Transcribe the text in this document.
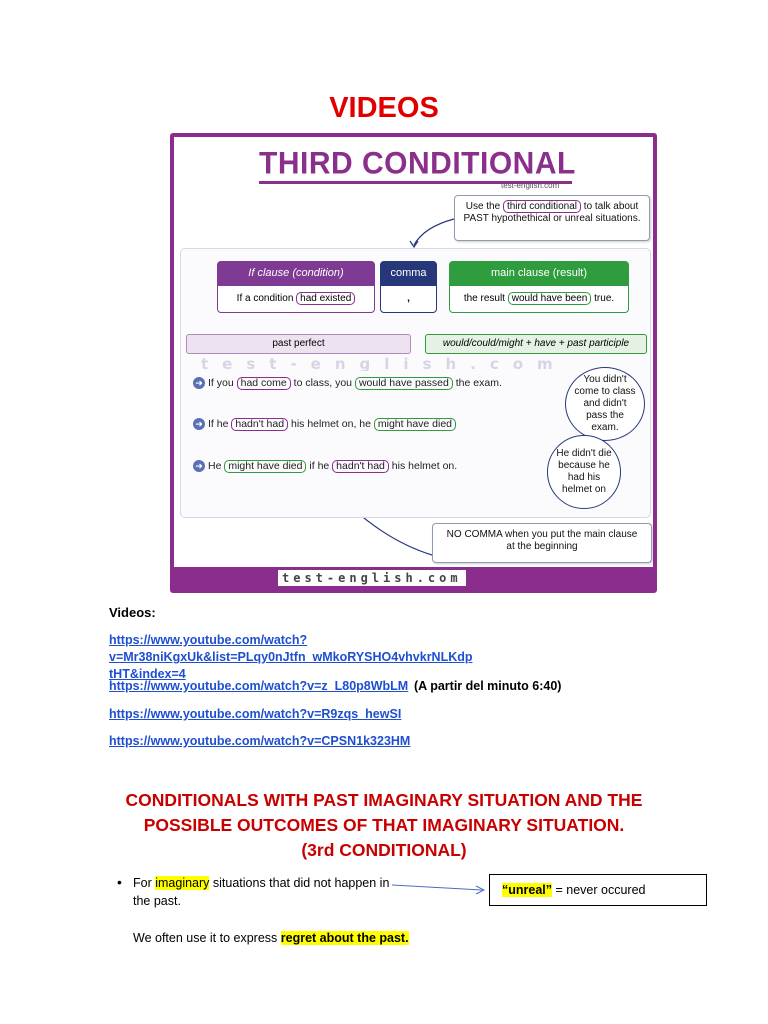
VIDEOS
THIRD CONDITIONAL
test-english.com
Use the third conditional to talk about PAST hypothethical or unreal situations.
If clause (condition)
If a condition had existed
comma
,
main clause (result)
the result would have been true.
past perfect	would/could/might + have + past participle
test-english.com
➜ If you had come to class, you would have passed the exam.
➜ If he hadn't had his helmet on, he might have died
➜ He might have died if he hadn't had his helmet on.
You didn't come to class and didn't pass the exam.
He didn't die because he had his helmet on
NO COMMA when you put the main clause at the beginning
test-english.com
Videos:
https://www.youtube.com/watch?v=Mr38niKgxUk&list=PLqy0nJtfn_wMkoRYSHO4vhvkrNLKdp
tHT&index=4
https://www.youtube.com/watch?v=z_L80p8WbLM (A partir del minuto 6:40)
https://www.youtube.com/watch?v=R9zqs_hewSI
https://www.youtube.com/watch?v=CPSN1k323HM
CONDITIONALS WITH PAST IMAGINARY SITUATION AND THE
POSSIBLE OUTCOMES OF THAT IMAGINARY SITUATION.
(3rd CONDITIONAL)
• For imaginary situations that did not happen in the past.
We often use it to express regret about the past.
“unreal” = never occured
